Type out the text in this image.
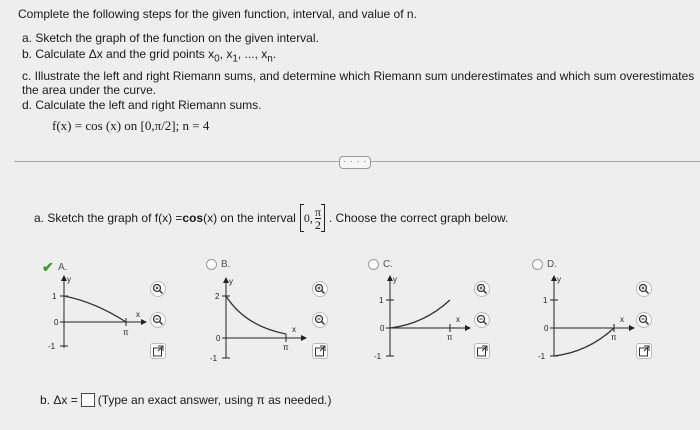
Complete the following steps for the given function, interval, and value of n.
a. Sketch the graph of the function on the given interval.
b. Calculate Δx and the grid points $x_0$, $x_1$, ..., $x_n$.
c. Illustrate the left and right Riemann sums, and determine which Riemann sum underestimates and which sum overestimates
the area under the curve.
d. Calculate the left and right Riemann sums.
f(x) = cos (x) on [0,π/2]; n = 4
· · · ·
a. Sketch the graph of f(x) = cos (x) on the interval 0, $\frac{\pi}{2}$ . Choose the correct graph below.
✔ A.
y
1
0
-1
x
π
B.
y
2
0
-1
x
π
C.
y
1
0
-1
x
π
D.
y
1
0
-1
x
π
b. Δx = (Type an exact answer, using π as needed.)
